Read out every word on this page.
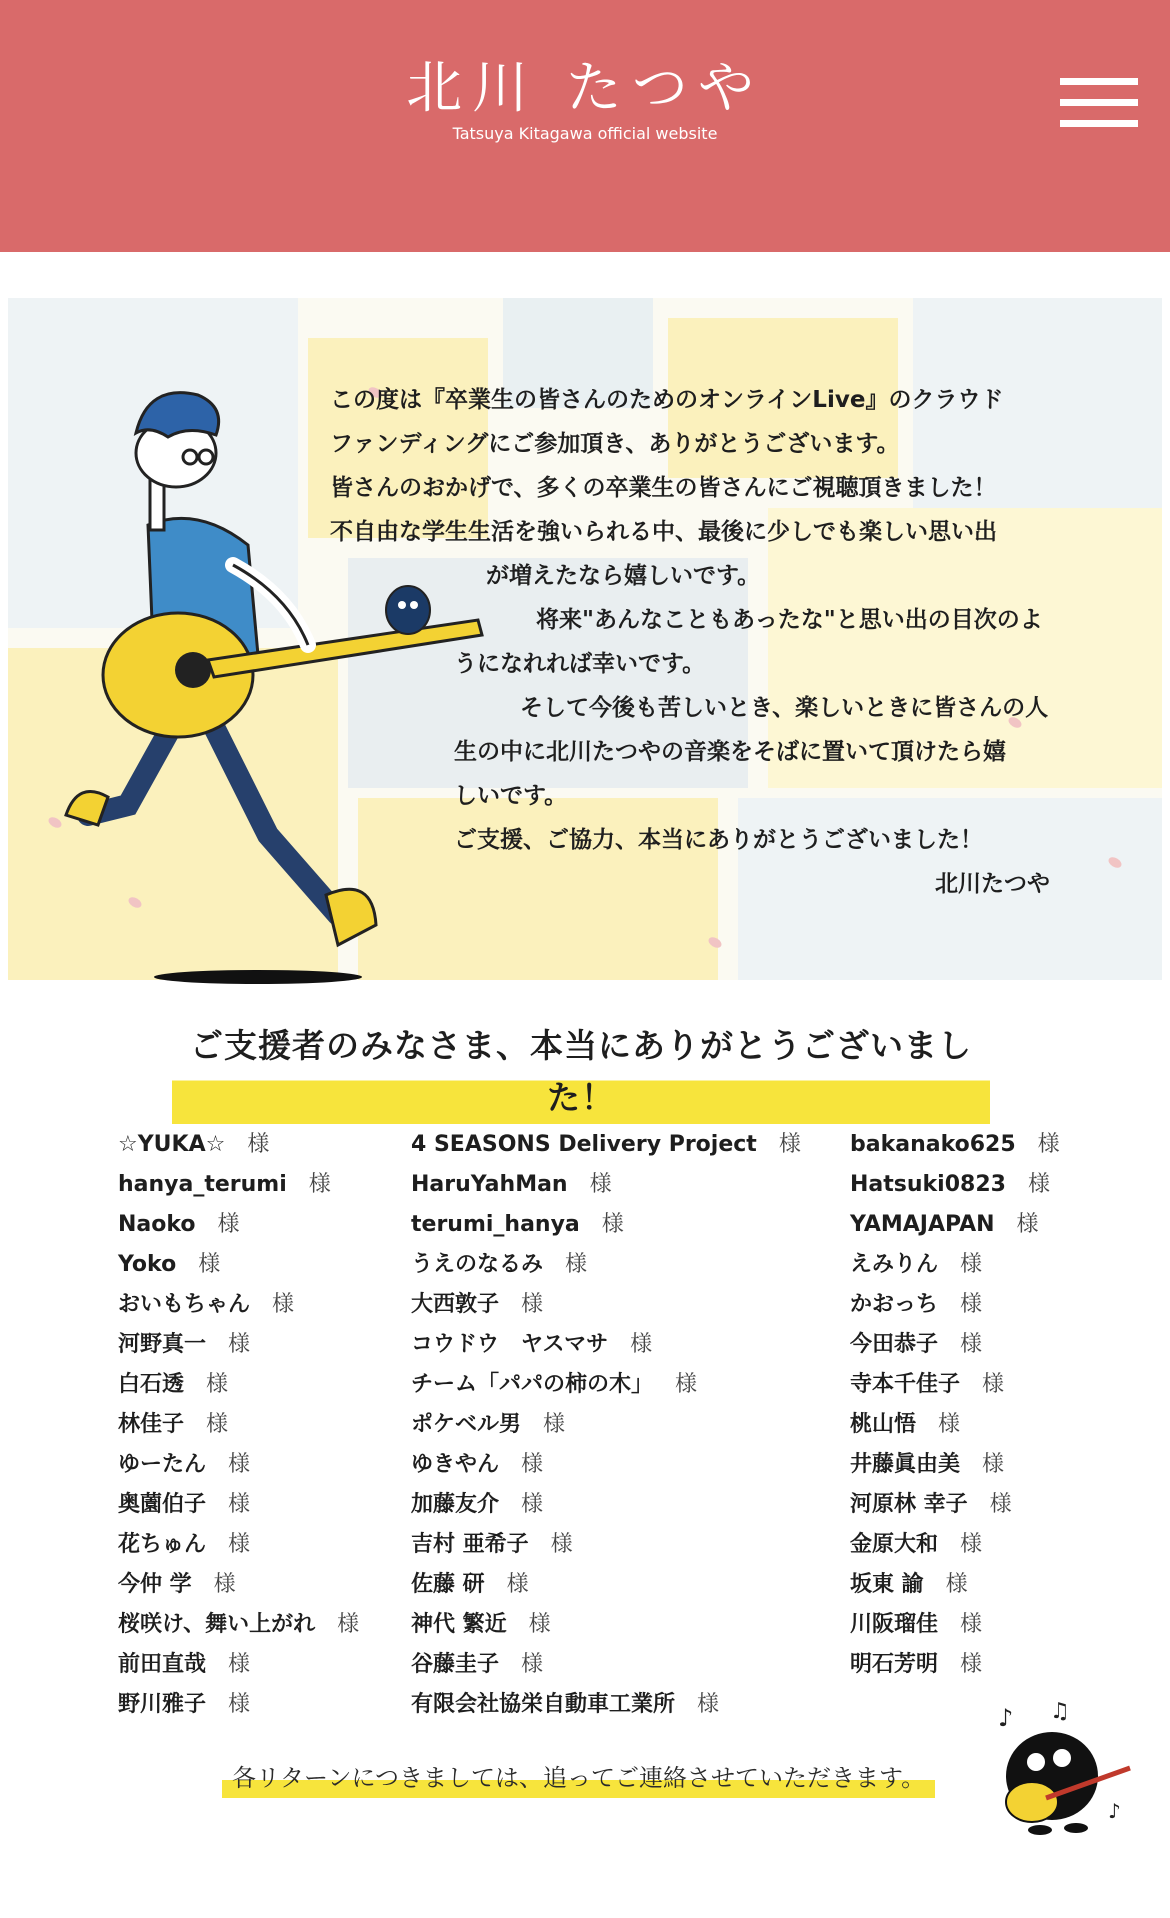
北川 たつや
Tatsuya Kitagawa official website
この度は『卒業生の皆さんのためのオンラインLive』のクラウド
ファンディングにご参加頂き、ありがとうございます。
皆さんのおかげで、多くの卒業生の皆さんにご視聴頂きました！
不自由な学生生活を強いられる中、最後に少しでも楽しい思い出
が増えたなら嬉しいです。
将来"あんなこともあったな"と思い出の目次のよ
うになれれば幸いです。
そして今後も苦しいとき、楽しいときに皆さんの人
生の中に北川たつやの音楽をそばに置いて頂けたら嬉
しいです。
ご支援、ご協力、本当にありがとうございました！
北川たつや
ご支援者のみなさま、本当にありがとうございました！
☆YUKA☆ 様
hanya_terumi 様
Naoko 様
Yoko 様
おいもちゃん 様
河野真一 様
白石透 様
林佳子 様
ゆーたん 様
奥薗伯子 様
花ちゅん 様
今仲 学 様
桜咲け、舞い上がれ 様
前田直哉 様
野川雅子 様
4 SEASONS Delivery Project 様
HaruYahMan 様
terumi_hanya 様
うえのなるみ 様
大西敦子 様
コウドウ　ヤスマサ 様
チーム「パパの柿の木」 様
ポケベル男 様
ゆきやん 様
加藤友介 様
吉村 亜希子 様
佐藤 研 様
神代 繁近 様
谷藤圭子 様
有限会社協栄自動車工業所 様
bakanako625 様
Hatsuki0823 様
YAMAJAPAN 様
えみりん 様
かおっち 様
今田恭子 様
寺本千佳子 様
桃山悟 様
井藤眞由美 様
河原林 幸子 様
金原大和 様
坂東 諭 様
川阪瑠佳 様
明石芳明 様
各リターンにつきましては、追ってご連絡させていただきます。
♪ ♫
♪
